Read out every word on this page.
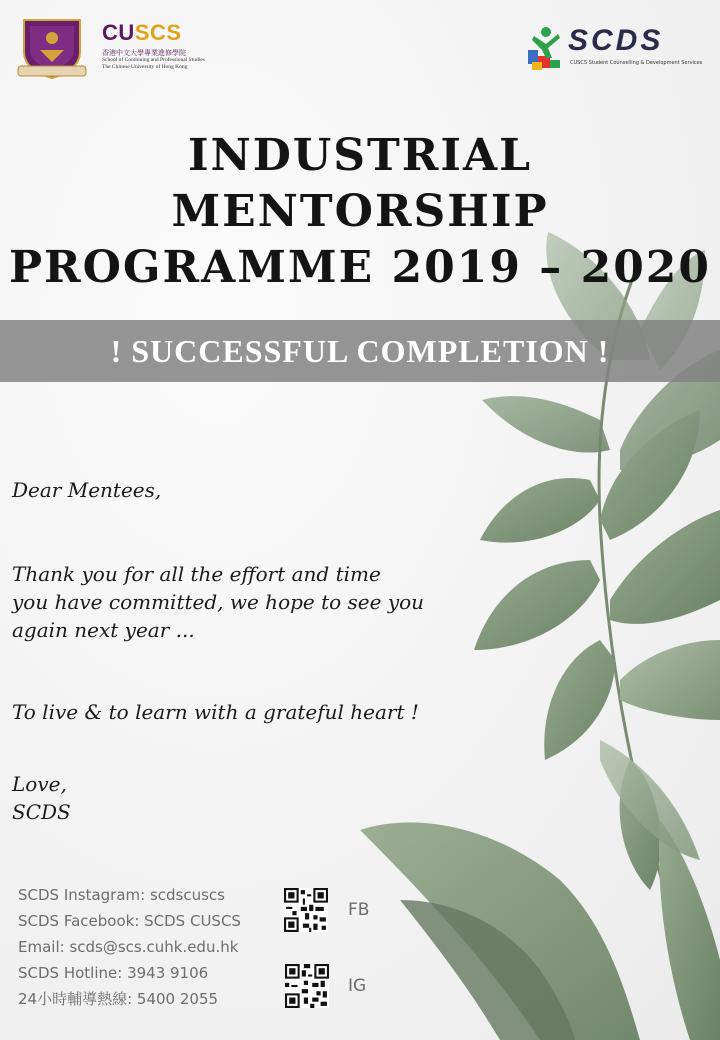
CUSCS
香港中文大學專業進修學院
School of Continuing and Professional Studies
The Chinese University of Hong Kong
SCDS
CUSCS Student Counselling & Development Services
INDUSTRIAL MENTORSHIP
PROGRAMME 2019 – 2020
! SUCCESSFUL COMPLETION !

Dear Mentees,

Thank you for all the effort and time

you have committed, we hope to see you

again next year ...

To live & to learn with a grateful heart !

Love,

SCDS

SCDS Instagram: scdscuscs
SCDS Facebook: SCDS CUSCS
Email: scds@scs.cuhk.edu.hk
SCDS Hotline: 3943 9106
24小時輔導熱線: 5400 2055
FB
IG
